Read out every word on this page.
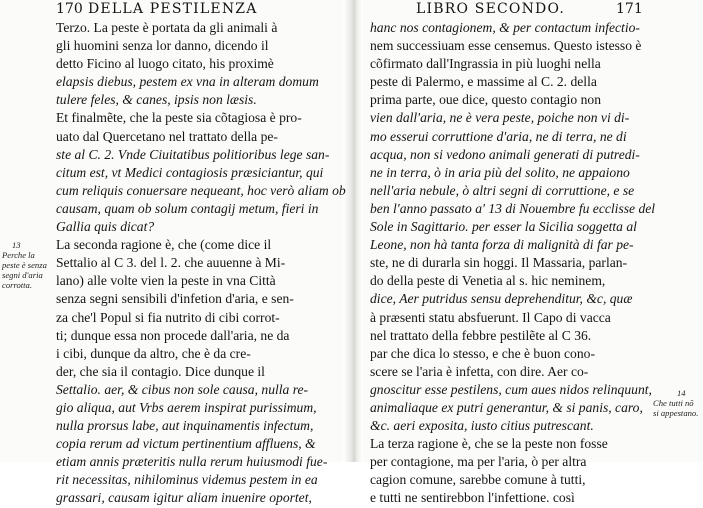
170 DELLA PESTILENZA
Terzo. La peste è portata da gli animali à
gli huomini senza lor danno, dicendo il
detto Ficino al luogo citato, his proximè
elapsis diebus, pestem ex vna in alteram domum
tulere feles, & canes, ipsis non læsis.
Et finalmẽte, che la peste sia cõtagiosa è pro-
uato dal Quercetano nel trattato della pe-
ste al C. 2. Vnde Ciuitatibus politioribus lege san-
citum est, vt Medici contagiosis præsiciantur, qui
cum reliquis conuersare nequeant, hoc verò aliam ob
causam, quam ob solum contagij metum, fieri in
Gallia quis dicat?
La seconda ragione è, che (come dice il
Settalio al C 3. del l. 2. che auuenne à Mi-
lano) alle volte vien la peste in vna Città
senza segni sensibili d'infetion d'aria, e sen-
za che'l Popul si fia nutrito di cibi corrot-
ti; dunque essa non procede dall'aria, ne da
i cibi, dunque da altro, che è da cre-
der, che sia il contagio. Dice dunque il
Settalio. aer, & cibus non sole causa, nulla re-
gio aliqua, aut Vrbs aerem inspirat purissimum,
nulla prorsus labe, aut inquinamentis infectum,
copia rerum ad victum pertinentium affluens, &
etiam annis præteritis nulla rerum huiusmodi fue-
rit necessitas, nihilominus videmus pestem in ea
grassari, causam igitur aliam inuenire oportet,
13
Perche la
peste è senza
segni d'aria
corrotta.
LIBRO SECONDO.	171
hanc nos contagionem, & per contactum infectio-
nem successiuam esse censemus. Questo istesso è
cõfirmato dall'Ingrassia in più luoghi nella
peste di Palermo, e massime al C. 2. della
prima parte, oue dice, questo contagio non
vien dall'aria, ne è vera peste, poiche non vi di-
mo esserui corruttione d'aria, ne di terra, ne di
acqua, non si vedono animali generati di putredi-
ne in terra, ò in aria più del solito, ne appaiono
nell'aria nebule, ò altri segni di corruttione, e se
ben l'anno passato a' 13 di Nouembre fu ecclisse del
Sole in Sagittario. per esser la Sicilia soggetta al
Leone, non hà tanta forza di malignità di far pe-
ste, ne di durarla sin hoggi. Il Massaria, parlan-
do della peste di Venetia al s. hic neminem,
dice, Aer putridus sensu deprehenditur, &c, quæ
à præsenti statu absfuerunt. Il Capo di vacca
nel trattato della febbre pestilẽte al C 36.
par che dica lo stesso, e che è buon cono-
scere se l'aria è infetta, con dire. Aer co-
gnoscitur esse pestilens, cum aues nidos relinquunt,
animaliaque ex putri generantur, & si panis, caro,
&c. aeri exposita, iusto citius putrescant.
La terza ragione è, che se la peste non fosse
per contagione, ma per l'aria, ò per altra
cagion comune, sarebbe comune à tutti,
e tutti ne sentirebbon l'infettione. così
14
Che tutti nõ
si appestano.
